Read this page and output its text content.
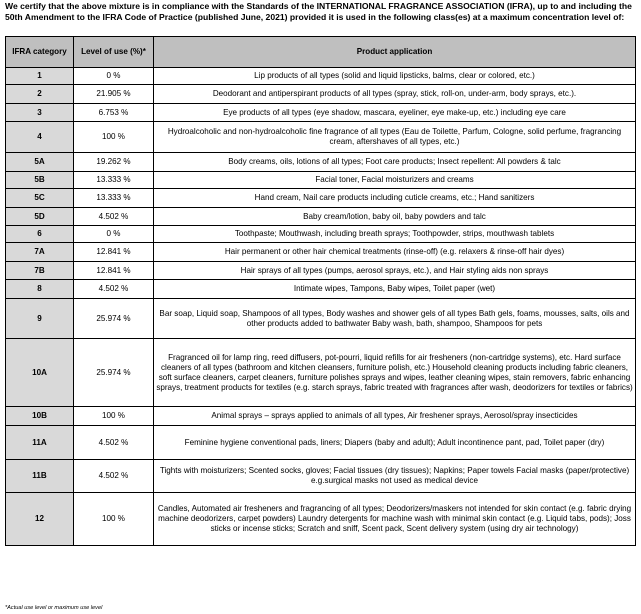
We certify that the above mixture is in compliance with the Standards of the INTERNATIONAL FRAGRANCE ASSOCIATION (IFRA), up to and including the 50th Amendment to the IFRA Code of Practice (published June, 2021) provided it is used in the following class(es) at a maximum concentration level of:

IFRA category	Level of use (%)*	Product application
1	0 %	Lip products of all types (solid and liquid lipsticks, balms, clear or colored, etc.)
2	21.905 %	Deodorant and antiperspirant products of all types (spray, stick, roll-on, under-arm, body sprays, etc.).
3	6.753 %	Eye products of all types (eye shadow, mascara, eyeliner, eye make-up, etc.) including eye care
4	100 %	Hydroalcoholic and non-hydroalcoholic fine fragrance of all types (Eau de Toilette, Parfum, Cologne, solid perfume, fragrancing cream, aftershaves of all types, etc.)
5A	19.262 %	Body creams, oils, lotions of all types; Foot care products; Insect repellent: All powders & talc
5B	13.333 %	Facial toner, Facial moisturizers and creams
5C	13.333 %	Hand cream, Nail care products including cuticle creams, etc.; Hand sanitizers
5D	4.502 %	Baby cream/lotion, baby oil, baby powders and talc
6	0 %	Toothpaste; Mouthwash, including breath sprays; Toothpowder, strips, mouthwash tablets
7A	12.841 %	Hair permanent or other hair chemical treatments (rinse-off) (e.g. relaxers & rinse-off hair dyes)
7B	12.841 %	Hair sprays of all types (pumps, aerosol sprays, etc.), and Hair styling aids non sprays
8	4.502 %	Intimate wipes, Tampons, Baby wipes, Toilet paper (wet)
9	25.974 %	Bar soap, Liquid soap, Shampoos of all types, Body washes and shower gels of all types Bath gels, foams, mousses, salts, oils and other products added to bathwater Baby wash, bath, shampoo, Shampoos for pets
10A	25.974 %	Fragranced oil for lamp ring, reed diffusers, pot-pourri, liquid refills for air fresheners (non-cartridge systems), etc. Hard surface cleaners of all types (bathroom and kitchen cleansers, furniture polish, etc.) Household cleaning products including fabric cleaners, soft surface cleaners, carpet cleaners, furniture polishes sprays and wipes, leather cleaning wipes, stain removers, fabric enhancing sprays, treatment products for textiles (e.g. starch sprays, fabric treated with fragrances after wash, deodorizers for textiles or fabrics)
10B	100 %	Animal sprays – sprays applied to animals of all types, Air freshener sprays, Aerosol/spray insecticides
11A	4.502 %	Feminine hygiene conventional pads, liners; Diapers (baby and adult); Adult incontinence pant, pad, Toilet paper (dry)
11B	4.502 %	Tights with moisturizers; Scented socks, gloves; Facial tissues (dry tissues); Napkins; Paper towels Facial masks (paper/protective) e.g.surgical masks not used as medical device
12	100 %	Candles, Automated air fresheners and fragrancing of all types; Deodorizers/maskers not intended for skin contact (e.g. fabric drying machine deodorizers, carpet powders) Laundry detergents for machine wash with minimal skin contact (e.g. Liquid tabs, pods); Joss sticks or incense sticks; Scratch and sniff, Scent pack, Scent delivery system (using dry air technology)

*Actual use level or maximum use level
